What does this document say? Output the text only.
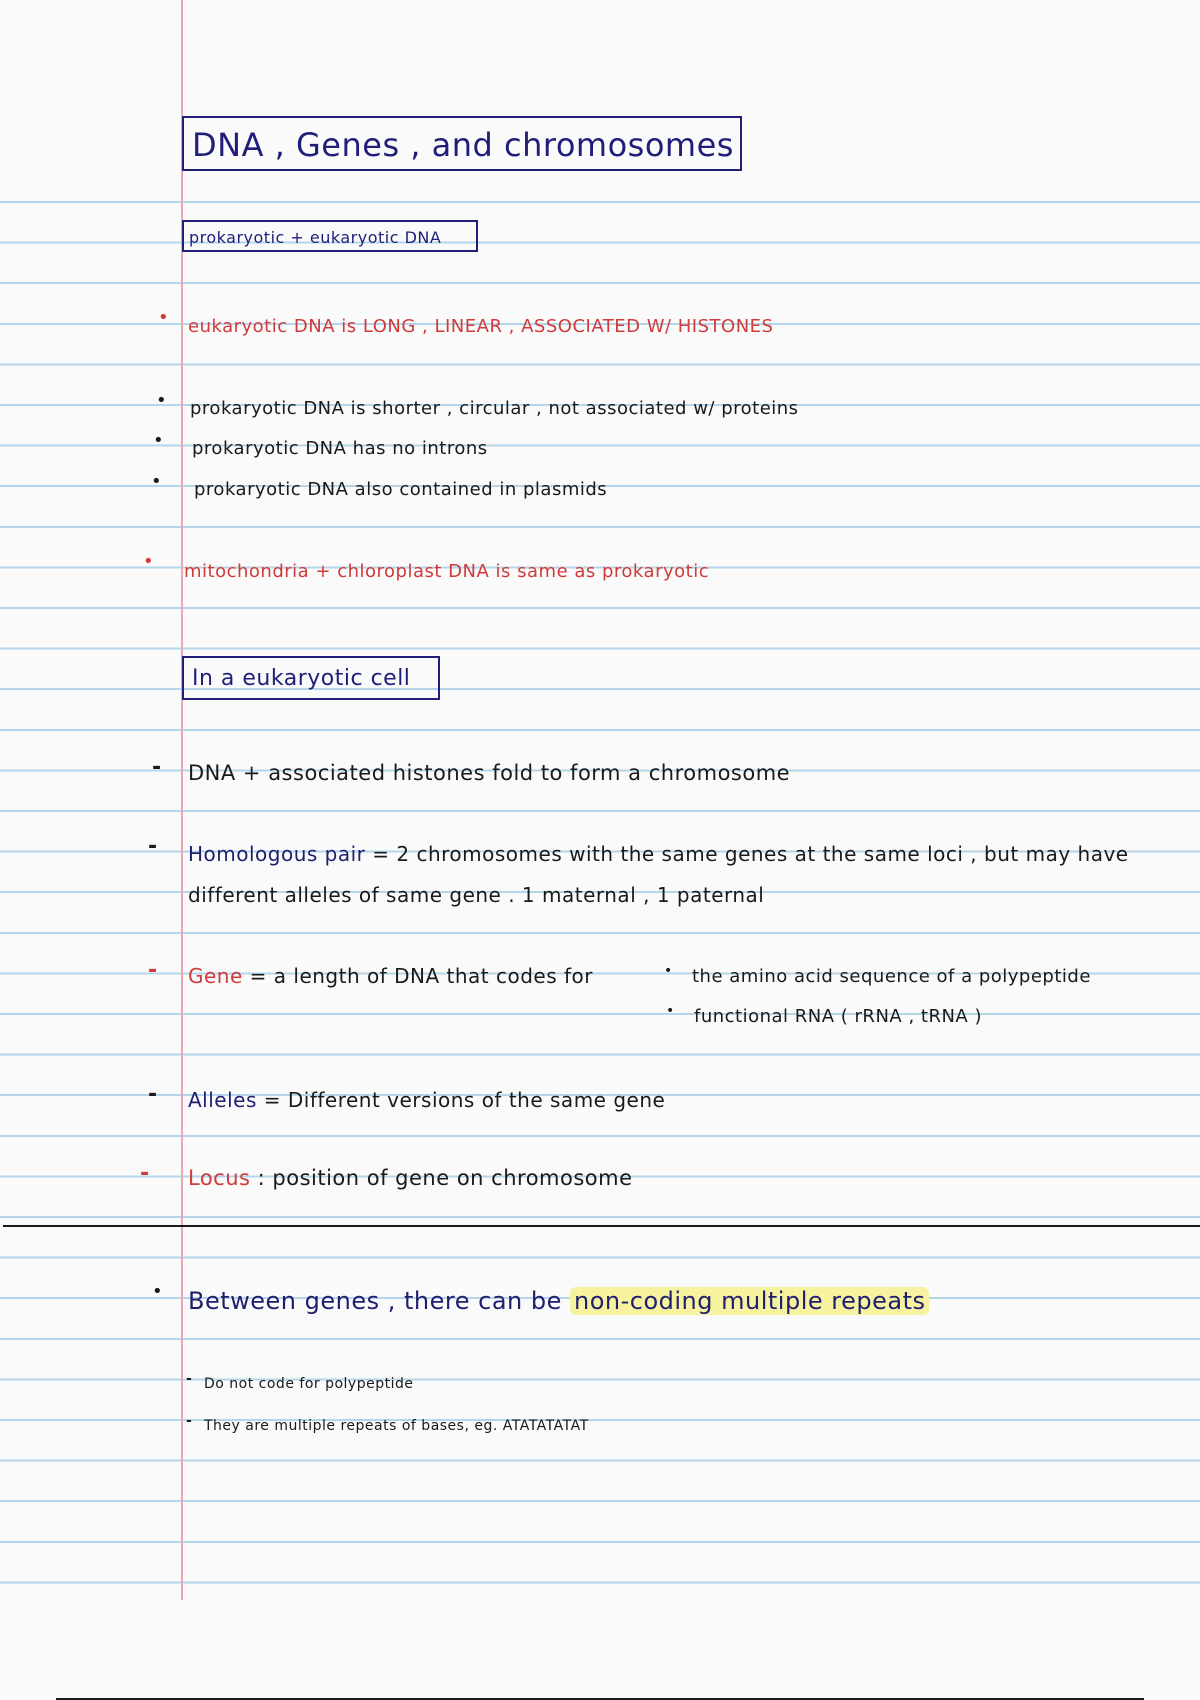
DNA , Genes , and chromosomes
prokaryotic + eukaryotic DNA
• eukaryotic DNA is LONG , LINEAR , ASSOCIATED W/ HISTONES
• prokaryotic DNA is shorter , circular , not associated w/ proteins
• prokaryotic DNA has no introns
• prokaryotic DNA also contained in plasmids
• mitochondria + chloroplast DNA is same as prokaryotic
In a eukaryotic cell
- DNA + associated histones fold to form a chromosome
- Homologous pair = 2 chromosomes with the same genes at the same loci , but may have
different alleles of same gene . 1 maternal , 1 paternal
- Gene = a length of DNA that codes for	• the amino acid sequence of a polypeptide
• functional RNA ( rRNA , tRNA )
- Alleles = Different versions of the same gene
- Locus : position of gene on chromosome
• Between genes , there can be non-coding multiple repeats
- Do not code for polypeptide
- They are multiple repeats of bases, eg. ATATATATAT
